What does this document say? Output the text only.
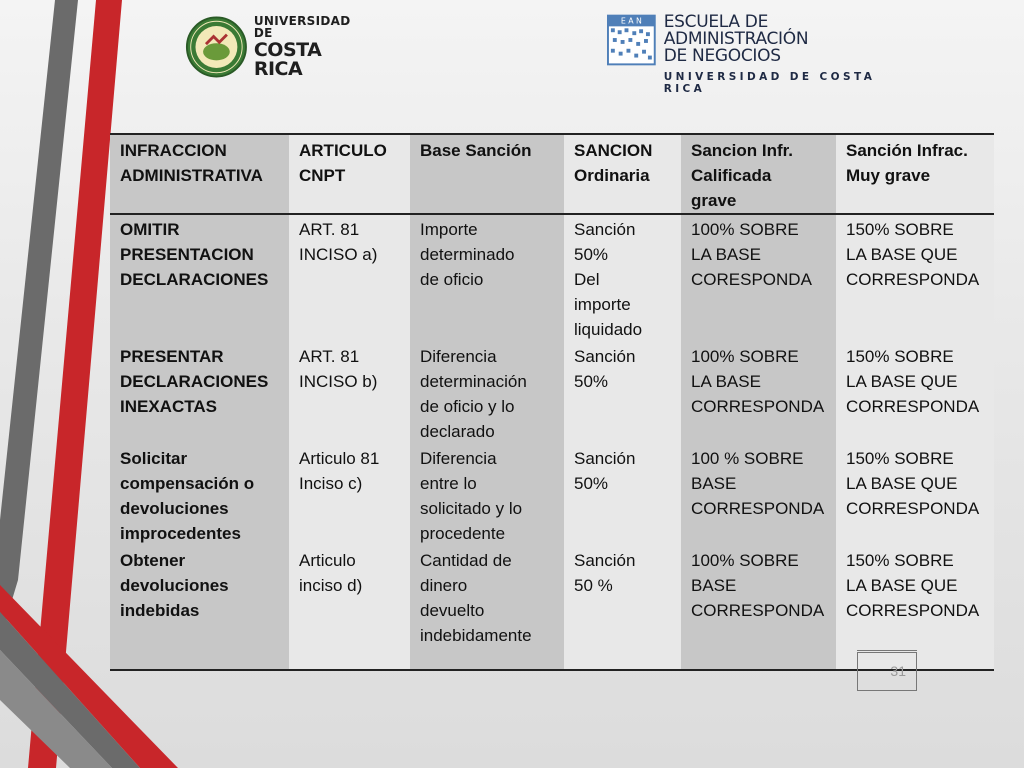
UNIVERSIDAD DE
COSTA RICA
E A N ESCUELA DE ADMINISTRACIÓN
DE NEGOCIOS
UNIVERSIDAD DE COSTA RICA
INFRACCION
ADMINISTRATIVA	ARTICULO
CNPT	Base Sanción	SANCION
Ordinaria	Sancion Infr.
Calificada
grave	Sanción Infrac.
Muy grave
OMITIR
PRESENTACION
DECLARACIONES	ART. 81
INCISO a)	Importe
determinado
de oficio	Sanción
50%
Del
importe
liquidado	100% SOBRE
LA BASE
CORESPONDA	150% SOBRE
LA BASE QUE
CORRESPONDA
PRESENTAR
DECLARACIONES
INEXACTAS	ART. 81
INCISO b)	Diferencia
determinación
de oficio y lo
declarado	Sanción
50%	100% SOBRE
LA BASE
CORRESPONDA	150% SOBRE
LA BASE QUE
CORRESPONDA
Solicitar
compensación o
devoluciones
improcedentes	Articulo 81
Inciso c)	Diferencia
entre lo
solicitado y lo
procedente	Sanción
50%	100 % SOBRE
BASE
CORRESPONDA	150% SOBRE
LA BASE QUE
CORRESPONDA
Obtener
devoluciones
indebidas	Articulo
inciso d)	Cantidad de
dinero
devuelto
indebidamente	Sanción
50 %	100% SOBRE
BASE
CORRESPONDA	150% SOBRE
LA BASE QUE
CORRESPONDA
31
